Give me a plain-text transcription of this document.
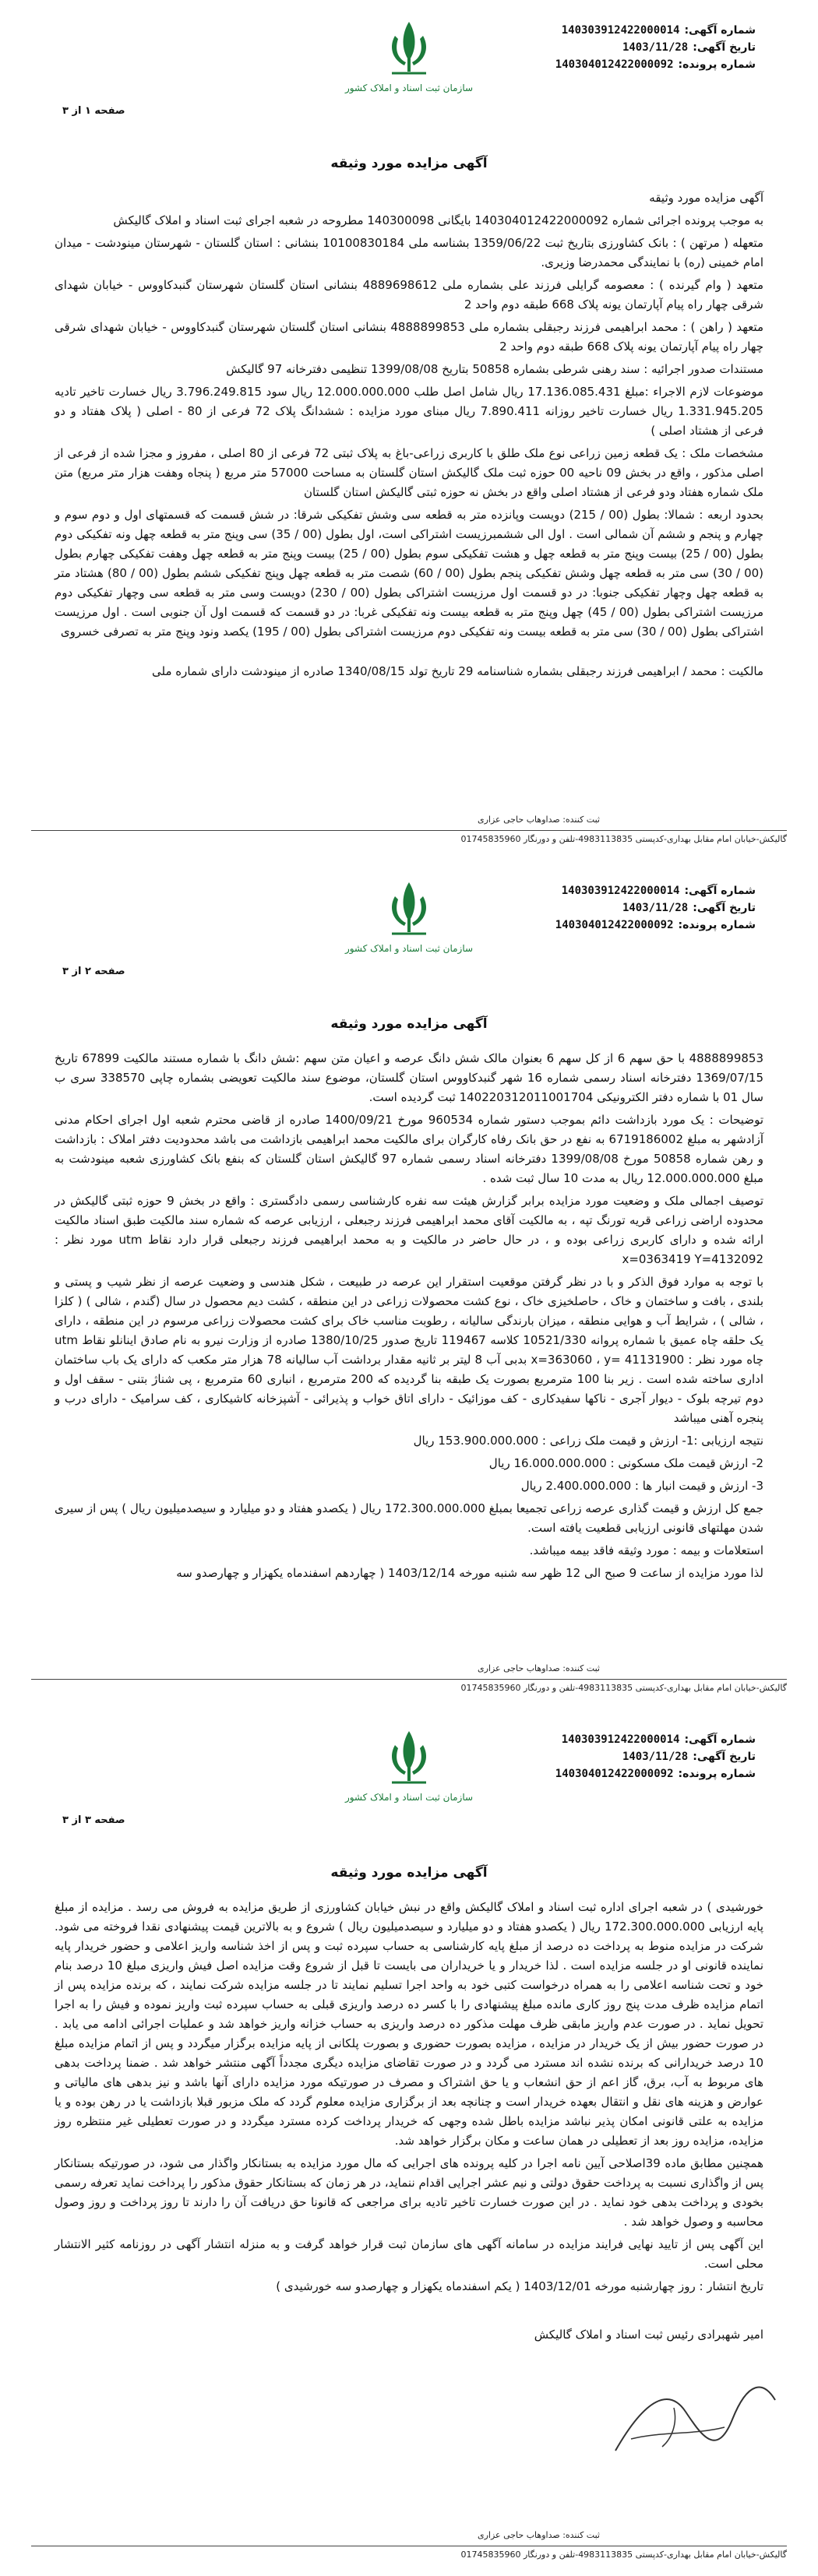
شماره آگهی:140303912422000014
تاریخ آگهی:1403/11/28
شماره پرونده:140304012422000092
سازمان ثبت اسناد و املاک کشور
صفحه ۱ از ۳
آگهی مزایده مورد وثیقه

آگهی مزایده مورد وثیقه

به موجب پرونده اجرائی شماره 140304012422000092 بایگانی 140300098 مطروحه در شعبه اجرای ثبت اسناد و املاک گالیکش

متعهله ( مرتهن ) : بانک کشاورزی بتاریخ ثبت 1359/06/22 بشناسه ملی 10100830184 بنشانی : استان گلستان - شهرستان مینودشت - میدان امام خمینی (ره) با نمایندگی محمدرضا وزیری.

متعهد ( وام گیرنده ) : معصومه گرایلی فرزند علی بشماره ملی 4889698612 بنشانی استان گلستان شهرستان گنبدکاووس - خیابان شهدای شرقی چهار راه پیام آپارتمان یونه پلاک 668 طبقه دوم واحد 2

متعهد ( راهن ) : محمد ابراهیمی فرزند رجبقلی بشماره ملی 4888899853 بنشانی استان گلستان شهرستان گنبدکاووس - خیابان شهدای شرقی چهار راه پیام آپارتمان یونه پلاک 668 طبقه دوم واحد 2

مستندات صدور اجرائیه : سند رهنی شرطی بشماره 50858 بتاریخ 1399/08/08 تنظیمی دفترخانه 97 گالیکش

موضوعات لازم الاجراء :مبلغ 17.136.085.431 ریال شامل اصل طلب 12.000.000.000 ریال سود 3.796.249.815 ریال خسارت تاخیر تادیه 1.331.945.205 ریال خسارت تاخیر روزانه 7.890.411 ریال مبنای مورد مزایده : ششدانگ پلاک 72 فرعی از 80 - اصلی ( پلاک هفتاد و دو فرعی از هشتاد اصلی )

مشخصات ملک : یک قطعه زمین زراعی نوع ملک طلق با کاربری زراعی-باغ به پلاک ثبتی 72 فرعی از 80 اصلی ، مفروز و مجزا شده از فرعی از اصلی مذکور ، واقع در بخش 09 ناحیه 00 حوزه ثبت ملک گالیکش استان گلستان به مساحت 57000 متر مربع ( پنجاه وهفت هزار متر مربع) متن ملک شماره هفتاد ودو فرعی از هشتاد اصلی واقع در بخش نه حوزه ثبتی گالیکش استان گلستان

بحدود اربعه : شمالا: بطول (00 / 215) دویست وپانزده متر به قطعه سی وشش تفکیکی شرقا: در شش قسمت که قسمتهای اول و دوم سوم و چهارم و پنجم و ششم آن شمالی است . اول الی ششمبرزیست اشتراکی است، اول بطول (00 / 35) سی وپنج متر به قطعه چهل ونه تفکیکی دوم بطول (00 / 25) بیست وپنج متر به قطعه چهل و هشت تفکیکی سوم بطول (00 / 25) بیست وپنج متر به قطعه چهل وهفت تفکیکی چهارم بطول (00 / 30) سی متر به قطعه چهل وشش تفکیکی پنجم بطول (00 / 60) شصت متر به قطعه چهل وپنج تفکیکی ششم بطول (00 / 80) هشتاد متر به قطعه چهل وچهار تفکیکی جنوبا: در دو قسمت اول مرزیست اشتراکی بطول (00 / 230) دویست وسی متر به قطعه سی وچهار تفکیکی دوم مرزیست اشتراکی بطول (00 / 45) چهل وپنج متر به قطعه بیست ونه تفکیکی غربا: در دو قسمت که قسمت اول آن جنوبی است . اول مرزیست اشتراکی بطول (00 / 30) سی متر به قطعه بیست ونه تفکیکی دوم مرزیست اشتراکی بطول (00 / 195) یکصد ونود وپنج متر به تصرفی خسروی

مالکیت : محمد / ابراهیمی فرزند رجبقلی بشماره شناسنامه 29 تاریخ تولد 1340/08/15 صادره از مینودشت دارای شماره ملی

ثبت کننده: صداوهاب حاجی عزاری
گالیکش-خیابان امام مقابل بهداری-کدپستی 4983113835-تلفن و دورنگار 01745835960
شماره آگهی:140303912422000014
تاریخ آگهی:1403/11/28
شماره پرونده:140304012422000092
سازمان ثبت اسناد و املاک کشور
صفحه ۲ از ۳
آگهی مزایده مورد وثیقه

4888899853 با حق سهم 6 از کل سهم 6 بعنوان مالک شش دانگ عرصه و اعیان متن سهم :شش دانگ با شماره مستند مالکیت 67899 تاریخ 1369/07/15 دفترخانه اسناد رسمی شماره 16 شهر گنبدکاووس استان گلستان، موضوع سند مالکیت تعویضی بشماره چاپی 338570 سری ب سال 01 با شماره دفتر الکترونیکی 140220312011001704 ثبت گردیده است.

توضیحات : یک مورد بازداشت دائم بموجب دستور شماره 960534 مورخ 1400/09/21 صادره از قاضی محترم شعبه اول اجرای احکام مدنی آزادشهر به مبلغ 6719186002 به نفع در حق بانک رفاه کارگران برای مالکیت محمد ابراهیمی بازداشت می باشد محدودیت دفتر املاک : بازداشت و رهن شماره 50858 مورخ 1399/08/08 دفترخانه اسناد رسمی شماره 97 گالیکش استان گلستان که بنفع بانک کشاورزی شعبه مینودشت به مبلغ 12.000.000.000 ریال به مدت 10 سال ثبت شده .

توصیف اجمالی ملک و وضعیت مورد مزایده برابر گزارش هیئت سه نفره کارشناسی رسمی دادگستری : واقع در بخش 9 حوزه ثبتی گالیکش در محدوده اراضی زراعی قریه تورنگ تپه ، به مالکیت آقای محمد ابراهیمی فرزند رجبعلی ، ارزیابی عرصه که شماره سند مالکیت طبق اسناد مالکیت ارائه شده و دارای کاربری زراعی بوده و ، در حال حاضر در مالکیت و به محمد ابراهیمی فرزند رجبعلی قرار دارد نقاط utm مورد نظر : x=0363419 Y=4132092

با توجه به موارد فوق الذکر و با در نظر گرفتن موقعیت استقرار این عرصه در طبیعت ، شکل هندسی و وضعیت عرصه از نظر شیب و پستی و بلندی ، بافت و ساختمان و خاک ، حاصلخیزی خاک ، نوع کشت محصولات زراعی در این منطقه ، کشت دیم محصول در سال (گندم ، شالی ) ( کلزا ، شالی ) ، شرایط آب و هوایی منطقه ، میزان بارندگی سالیانه ، رطوبت مناسب خاک برای کشت محصولات زراعی مرسوم در این منطقه ، دارای یک حلقه چاه عمیق با شماره پروانه 10521/330 کلاسه 119467 تاریخ صدور 1380/10/25 صادره از وزارت نیرو به نام صادق اینانلو نقاط utm چاه مورد نظر : x=363060 ، y= 41131900 بدبی آب 8 لیتر بر ثانیه مقدار برداشت آب سالیانه 78 هزار متر مکعب که دارای یک باب ساختمان اداری ساخته شده است . زیر بنا 100 مترمربع بصورت یک طبقه بنا گردیده که 200 مترمربع ، انباری 60 مترمربع ، پی شناژ بتنی - سقف اول و دوم تیرچه بلوک - دیوار آجری - ناکها سفیدکاری - کف موزائیک - دارای اتاق خواب و پذیرائی - آشپزخانه کاشیکاری ، کف سرامیک - دارای درب و پنجره آهنی میباشد

نتیجه ارزیابی :1- ارزش و قیمت ملک زراعی : 153.900.000.000 ریال

2- ارزش قیمت ملک مسکونی : 16.000.000.000 ریال

3- ارزش و قیمت انبار ها : 2.400.000.000 ریال

جمع کل ارزش و قیمت گذاری عرصه زراعی تجمیعا بمبلغ 172.300.000.000 ریال ( یکصدو هفتاد و دو میلیارد و سیصدمیلیون ریال ) پس از سیری شدن مهلتهای قانونی ارزیابی قطعیت یافته است.

استعلامات و بیمه : مورد وثیقه فاقد بیمه میباشد.

لذا مورد مزایده از ساعت 9 صبح الی 12 ظهر سه شنبه مورخه 1403/12/14 ( چهاردهم اسفندماه یکهزار و چهارصدو سه

ثبت کننده: صداوهاب حاجی عزاری
گالیکش-خیابان امام مقابل بهداری-کدپستی 4983113835-تلفن و دورنگار 01745835960
شماره آگهی:140303912422000014
تاریخ آگهی:1403/11/28
شماره پرونده:140304012422000092
سازمان ثبت اسناد و املاک کشور
صفحه ۳ از ۳
آگهی مزایده مورد وثیقه

خورشیدی ) در شعبه اجرای اداره ثبت اسناد و املاک گالیکش واقع در نبش خیابان کشاورزی از طریق مزایده به فروش می رسد . مزایده از مبلغ پایه ارزیابی 172.300.000.000 ریال ( یکصدو هفتاد و دو میلیارد و سیصدمیلیون ریال ) شروع و به بالاترین قیمت پیشنهادی نقدا فروخته می شود. شرکت در مزایده منوط به پرداخت ده درصد از مبلغ پایه کارشناسی به حساب سپرده ثبت و پس از اخذ شناسه واریز اعلامی و حضور خریدار پایه نماینده قانونی او در جلسه مزایده است . لذا خریدار و یا خریداران می بایست تا قبل از شروع وقت مزایده اصل فیش واریزی مبلغ 10 درصد بنام خود و تحت شناسه اعلامی را به همراه درخواست کتبی خود به واحد اجرا تسلیم نمایند تا در جلسه مزایده شرکت نمایند ، که برنده مزایده پس از اتمام مزایده ظرف مدت پنج روز کاری مانده مبلغ پیشنهادی را با کسر ده درصد واریزی قبلی به حساب سپرده ثبت واریز نموده و فیش را به اجرا تحویل نماید . در صورت عدم واریز مابقی ظرف مهلت مذکور ده درصد واریزی به حساب خزانه واریز خواهد شد و عملیات اجرائی ادامه می یابد . در صورت حضور بیش از یک خریدار در مزایده ، مزایده بصورت حضوری و بصورت پلکانی از پایه مزایده برگزار میگردد و پس از اتمام مزایده مبلغ 10 درصد خریدارانی که برنده نشده اند مسترد می گردد و در صورت تقاضای مزایده دیگری مجدداً آگهی منتشر خواهد شد . ضمنا پرداخت بدهی های مربوط به آب، برق، گاز اعم از حق انشعاب و یا حق اشتراک و مصرف در صورتیکه مورد مزایده دارای آنها باشد و نیز بدهی های مالیاتی و عوارض و هزینه های نقل و انتقال بعهده خریدار است و چنانچه بعد از برگزاری مزایده معلوم گردد که ملک مزبور قبلا بازداشت یا در رهن بوده و یا مزایده به علتی قانونی امکان پذیر نباشد مزایده باطل شده وجهی که خریدار پرداخت کرده مسترد میگردد و در صورت تعطیلی غیر منتظره روز مزایده، مزایده روز بعد از تعطیلی در همان ساعت و مکان برگزار خواهد شد.

همچنین مطابق ماده 39اصلاحی آیین نامه اجرا در کلیه پرونده های اجرایی که مال مورد مزایده به بستانکار واگذار می شود، در صورتیکه بستانکار پس از واگذاری نسبت به پرداخت حقوق دولتی و نیم عشر اجرایی اقدام ننماید، در هر زمان که بستانکار حقوق مذکور را پرداخت نماید تعرفه رسمی بخودی و پرداخت بدهی خود نماید . در این صورت خسارت تاخیر تادیه برای مراجعی که قانونا حق دریافت آن را دارند تا روز پرداخت و روز وصول محاسبه و وصول خواهد شد .

این آگهی پس از تایید نهایی فرایند مزایده در سامانه آگهی های سازمان ثبت قرار خواهد گرفت و به منزله انتشار آگهی در روزنامه کثیر الانتشار محلی است.

تاریخ انتشار : روز چهارشنبه مورخه 1403/12/01 ( یکم اسفندماه یکهزار و چهارصدو سه خورشیدی )

امیر شهبرادی رئیس ثبت اسناد و املاک گالیکش
ثبت کننده: صداوهاب حاجی عزاری
گالیکش-خیابان امام مقابل بهداری-کدپستی 4983113835-تلفن و دورنگار 01745835960
